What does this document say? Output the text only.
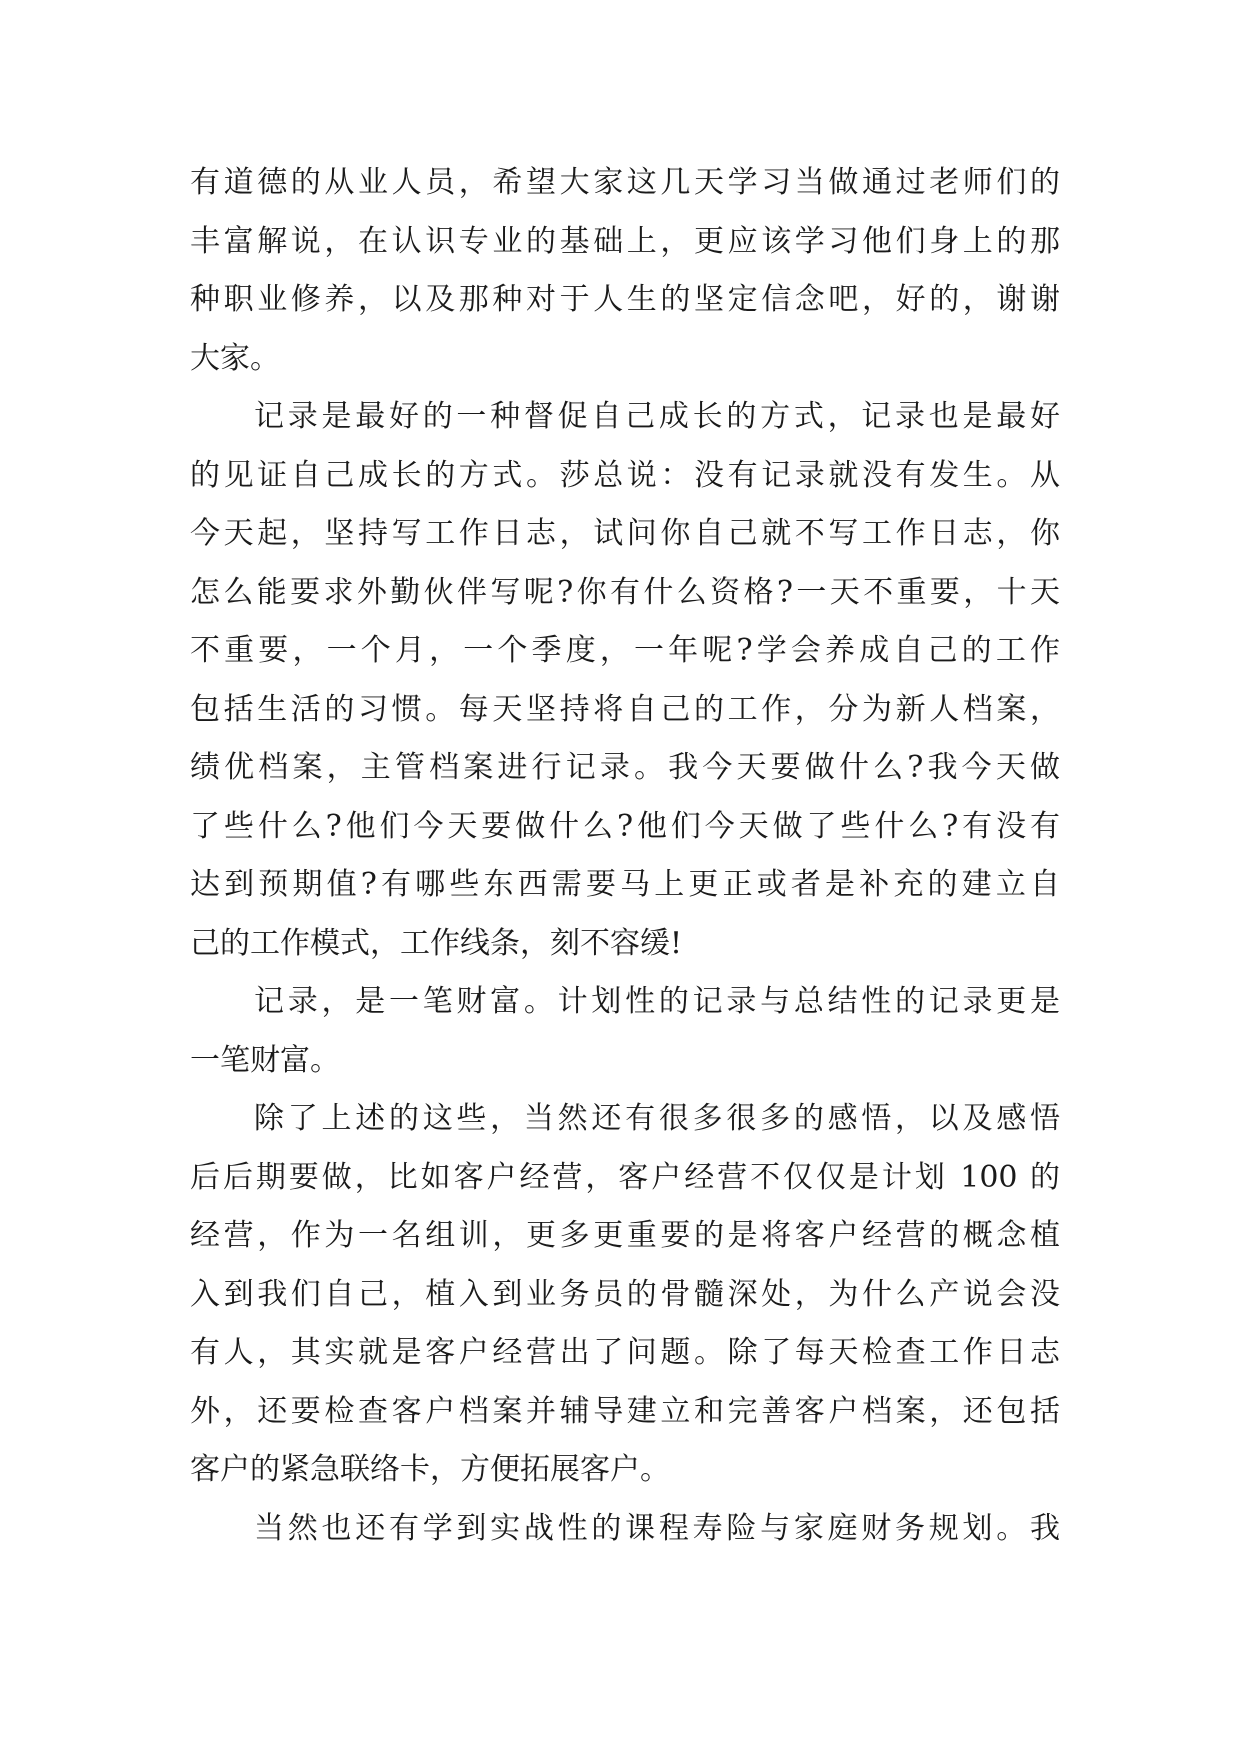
有道德的从业人员，希望大家这几天学习当做通过老师们的
丰富解说，在认识专业的基础上，更应该学习他们身上的那
种职业修养，以及那种对于人生的坚定信念吧，好的，谢谢
大家。
记录是最好的一种督促自己成长的方式，记录也是最好
的见证自己成长的方式。莎总说：没有记录就没有发生。从
今天起，坚持写工作日志，试问你自己就不写工作日志，你
怎么能要求外勤伙伴写呢?你有什么资格?一天不重要，十天
不重要，一个月，一个季度，一年呢?学会养成自己的工作
包括生活的习惯。每天坚持将自己的工作，分为新人档案，
绩优档案，主管档案进行记录。我今天要做什么?我今天做
了些什么?他们今天要做什么?他们今天做了些什么?有没有
达到预期值?有哪些东西需要马上更正或者是补充的建立自
己的工作模式，工作线条，刻不容缓!
记录，是一笔财富。计划性的记录与总结性的记录更是
一笔财富。
除了上述的这些，当然还有很多很多的感悟，以及感悟
后后期要做，比如客户经营，客户经营不仅仅是计划 100 的
经营，作为一名组训，更多更重要的是将客户经营的概念植
入到我们自己，植入到业务员的骨髓深处，为什么产说会没
有人，其实就是客户经营出了问题。除了每天检查工作日志
外，还要检查客户档案并辅导建立和完善客户档案，还包括
客户的紧急联络卡，方便拓展客户。
当然也还有学到实战性的课程寿险与家庭财务规划。我
